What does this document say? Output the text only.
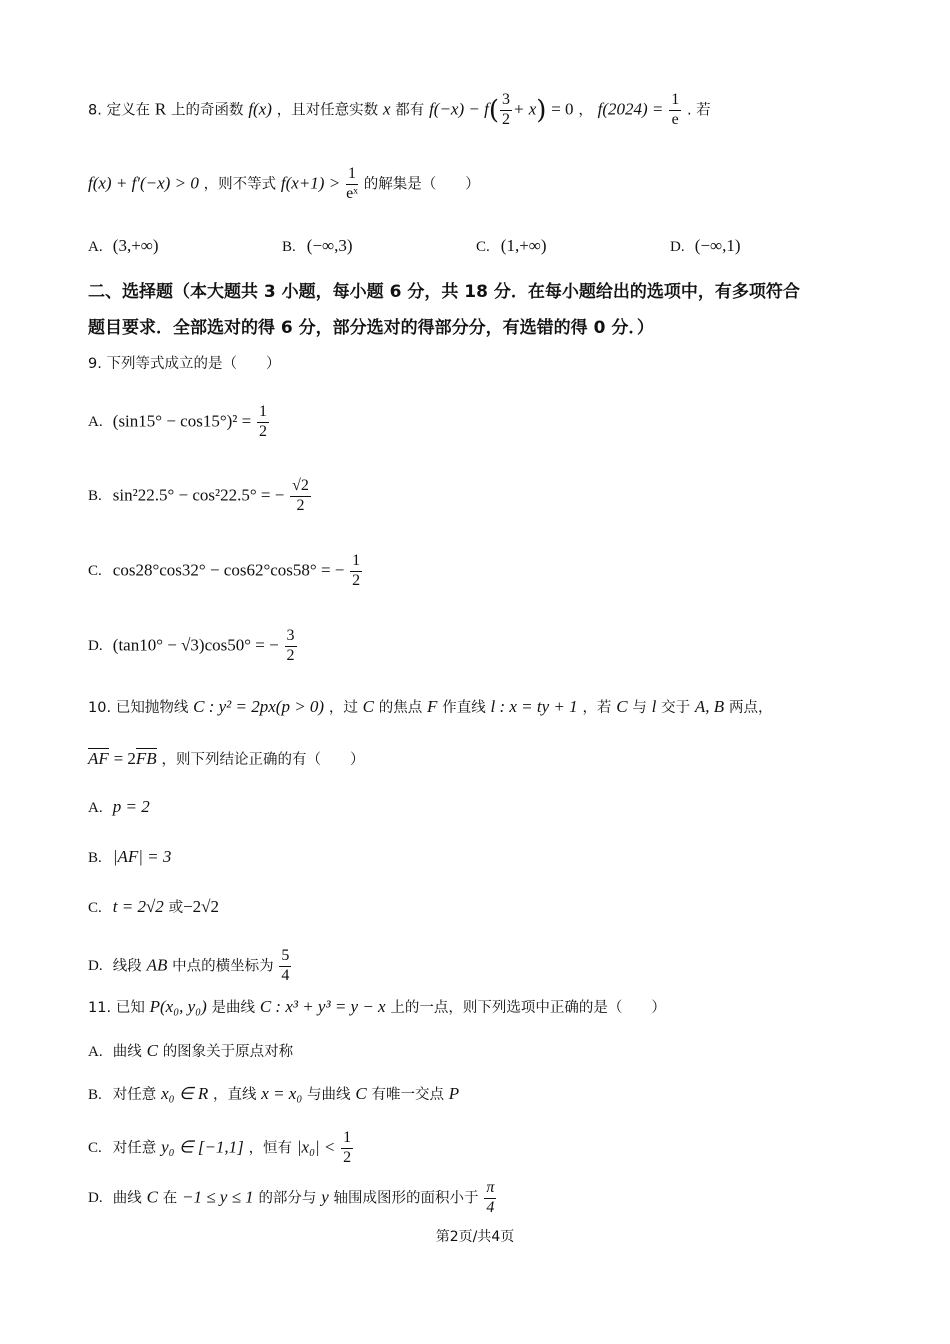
8. 定义在 R 上的奇函数 f(x) ，且对任意实数 x 都有 $f(-x) - f( \frac{3}{2} + x) = 0$ ， $f(2024) = \frac{1}{e}$ . 若
f(x) + f′(−x) > 0 ，则不等式 $f(x+1) > \frac{1}{\text{eˣ}}$ 的解集是（　　）
A. (3,+∞)	B. (−∞,3)	C. (1,+∞)	D. (−∞,1)
二、选择题（本大题共 3 小题，每小题 6 分，共 18 分．在每小题给出的选项中，有多项符合
题目要求．全部选对的得 6 分，部分选对的得部分分，有选错的得 0 分．）
9. 下列等式成立的是（　　）
A. $(\sin 15^\circ - \cos 15^\circ)^2 = \frac{1}{2}$
B. sin²22.5° − cos²22.5° = − $\frac{√2}{2}$
C. cos28°cos32° − cos62°cos58° = − $\frac{1}{2}$
D. (tan10° − √3)cos50° = − $\frac{3}{2}$
10. 已知抛物线 C : y² = 2px(p > 0) ，过 C 的焦点 F 作直线 l : x = ty + 1 ，若 C 与 l 交于 A, B 两点，
AF = 2FB ，则下列结论正确的有（　　）
A. p = 2
B. |AF| = 3
C. t = 2√2 或−2√2
D. 线段 AB 中点的横坐标为 $\frac{5}{4}$
11. 已知 P(x₀, y₀) 是曲线 C : x³ + y³ = y − x 上的一点，则下列选项中正确的是（　　）
A. 曲线 C 的图象关于原点对称
B. 对任意 x₀ ∈ R ，直线 x = x₀ 与曲线 C 有唯一交点 P
C. 对任意 y₀ ∈ [−1,1] ，恒有 $|x_0| < \frac{1}{2}$
D. 曲线 C 在 −1 ≤ y ≤ 1 的部分与 y 轴围成图形的面积小于 $\frac{\pi}{4}$
第2页/共4页
